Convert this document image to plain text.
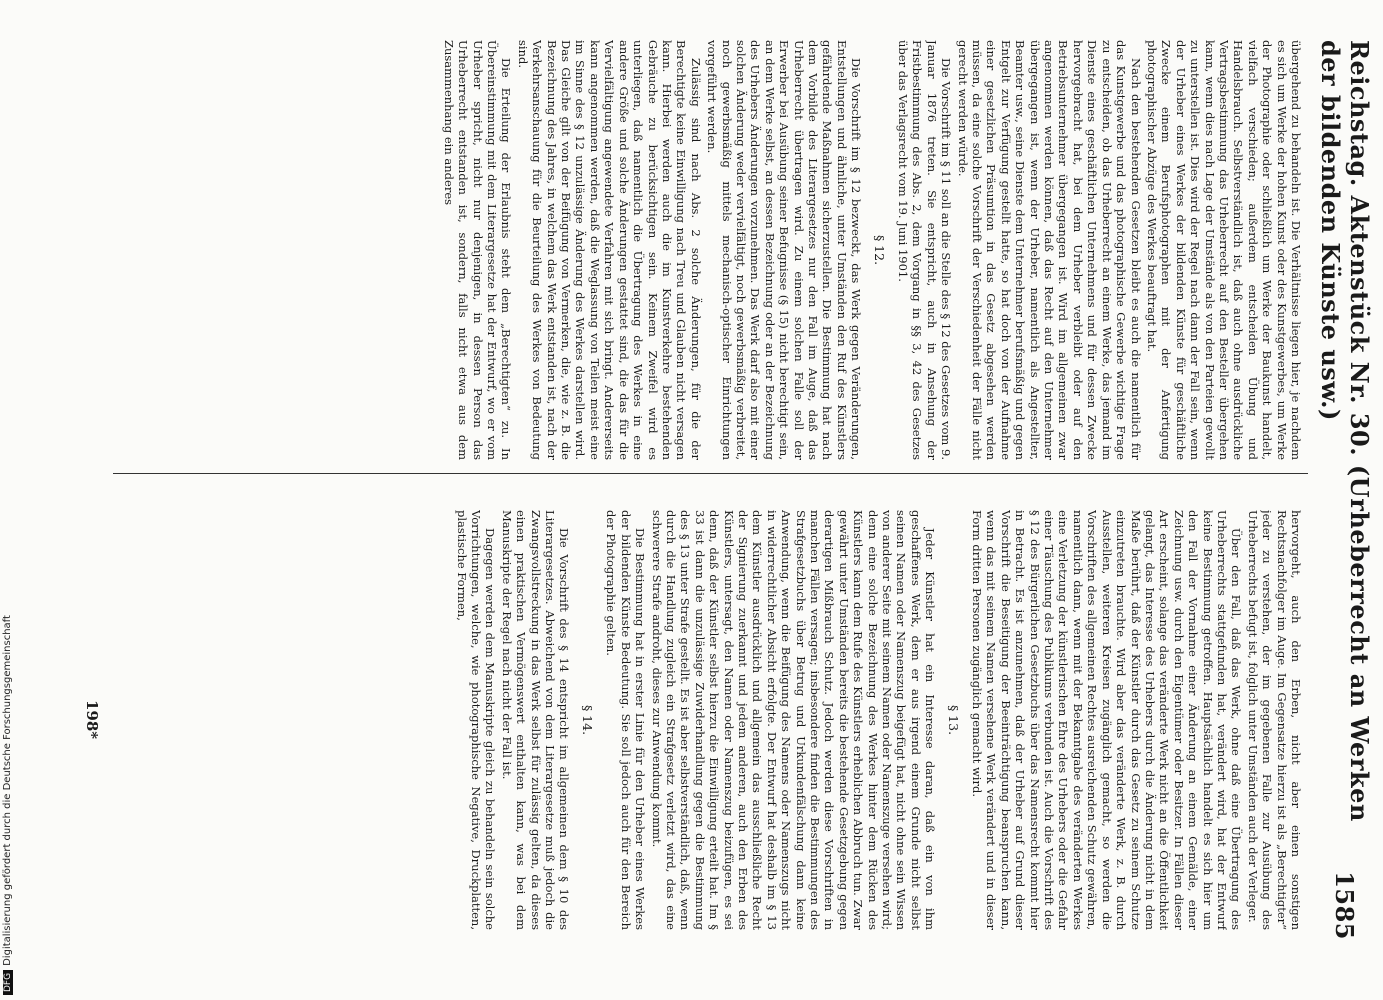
Reichstag. Aktenstück Nr. 30. (Urheberrecht an Werken der bildenden Künste usw.)
1585

übergehend zu behandeln ist. Die Verhältnisse liegen hier, je nachdem es sich um Werke der hohen Kunst oder des Kunstgewerbes, um Werke der Photographie oder schließlich um Werke der Baukunst handelt, vielfach verschieden; außerdem entscheiden Übung und Handelsbrauch. Selbstverständlich ist, daß auch ohne ausdrückliche Vertragsbestimmung das Urheberrecht auf den Besteller übergehen kann, wenn dies nach Lage der Umstände als von den Parteien gewollt zu unterstellen ist. Dies wird der Regel nach dann der Fall sein, wenn der Urheber eines Werkes der bildenden Künste für geschäftliche Zwecke einem Berufsphotographen mit der Anfertigung photographischer Abzüge des Werkes beauftragt hat.

Nach den bestehenden Gesetzen bleibt es auch die namentlich für das Kunstgewerbe und das photographische Gewerbe wichtige Frage zu entscheiden, ob das Urheberrecht an einem Werke, das jemand im Dienste eines geschäftlichen Unternehmens und für dessen Zwecke hervorgebracht hat, bei dem Urheber verbleibt oder auf den Betriebsunternehmer übergegangen ist. Wird im allgemeinen zwar angenommen werden können, daß das Recht auf den Unternehmer übergegangen ist, wenn der Urheber, namentlich als Angestellter, Beamter usw., seine Dienste dem Unternehmer berufsmäßig und gegen Entgelt zur Verfügung gestellt hatte, so hat doch von der Aufnahme einer gesetzlichen Präsumtion in das Gesetz abgesehen werden müssen, da eine solche Vorschrift der Verschiedenheit der Fälle nicht gerecht werden würde.

Die Vorschrift im § 11 soll an die Stelle des § 12 des Gesetzes vom 9. Januar 1876 treten. Sie entspricht, auch in Ansehung der Fristbestimmung des Abs. 2, dem Vorgang in §§ 3, 42 des Gesetzes über das Verlagsrecht vom 19. Juni 1901.

§ 12.

Die Vorschrift im § 12 bezweckt, das Werk gegen Veränderungen, Entstellungen und ähnliche, unter Umständen den Ruf des Künstlers gefährdende Maßnahmen sicherzustellen. Die Bestimmung hat nach dem Vorbilde des Literargesetzes nur den Fall im Auge, daß das Urheberrecht übertragen wird. Zu einem solchen Falle soll der Erwerber bei Ausübung seiner Befugnisse (§ 15) nicht berechtigt sein, an dem Werke selbst, an dessen Bezeichnung oder an der Bezeichnung des Urhebers Änderungen vorzunehmen. Das Werk darf also mit einer solchen Änderung weder vervielfältigt, noch gewerbsmäßig verbreitet, noch gewerbsmäßig mittels mechanisch-optischer Einrichtungen vorgeführt werden.

Zulässig sind nach Abs. 2 solche Änderungen, für die der Berechtigte keine Einwilligung nach Treu und Glauben nicht versagen kann. Hierbei werden auch die im Kunstverkehre bestehenden Gebräuche zu berücksichtigen sein. Keinem Zweifel wird es unterliegen, daß namentlich die Übertragung des Werkes in eine andere Größe und solche Änderungen gestattet sind, die das für die Vervielfältigung angewendete Verfahren mit sich bringt. Andererseits kann angenommen werden, daß die Weglassung von Teilen meist eine im Sinne des § 12 unzulässige Änderung des Werkes darstellen wird. Das Gleiche gilt von der Beifügung von Vermerken, die, wie z. B. die Bezeichnung des Jahres, in welchem das Werk entstanden ist, nach der Verkehrsanschauung für die Beurteilung des Werkes von Bedeutung sind.

Die Erteilung der Erlaubnis steht dem „Berechtigten“ zu. In Übereinstimmung mit dem Literargesetze hat der Entwurf, wo er vom Urheber spricht, nicht nur denjenigen, in dessen Person das Urheberrecht entstanden ist, sondern, falls nicht etwa aus dem Zusammenhang ein anderes

hervorgeht, auch den Erben, nicht aber einen sonstigen Rechtsnachfolger im Auge. Im Gegensatze hierzu ist als „Berechtigter“ jeder zu verstehen, der im gegebenen Falle zur Ausübung des Urheberrechts befugt ist, folglich unter Umständen auch der Verleger.

Über den Fall, daß das Werk, ohne daß eine Übertragung des Urheberrechts stattgefunden hat, verändert wird, hat der Entwurf keine Bestimmung getroffen. Hauptsächlich handelt es sich hier um den Fall der Vornahme einer Änderung an einem Gemälde, einer Zeichnung usw. durch den Eigentümer oder Besitzer. In Fällen dieser Art erscheint, solange das veränderte Werk nicht an die Öffentlichkeit gelangt, das Interesse des Urhebers durch die Änderung nicht in dem Maße berührt, daß der Künstler durch das Gesetz zu seinem Schutze einzutreten brauchte. Wird aber das veränderte Werk, z. B. durch Ausstellen, weiteren Kreisen zugänglich gemacht, so werden die Vorschriften des allgemeinen Rechtes ausreichenden Schutz gewähren, namentlich dann, wenn mit der Bekanntgabe des veränderten Werkes eine Verletzung der künstlerischen Ehre des Urhebers oder die Gefahr einer Täuschung des Publikums verbunden ist. Auch die Vorschrift des § 12 des Bürgerlichen Gesetzbuchs über das Namensrecht kommt hier in Betracht. Es ist anzunehmen, daß der Urheber auf Grund dieser Vorschrift die Beseitigung der Beeinträchtigung beanspruchen kann, wenn das mit seinem Namen versehene Werk verändert und in dieser Form dritten Personen zugänglich gemacht wird.

§ 13.

Jeder Künstler hat ein Interesse daran, daß ein von ihm geschaffenes Werk, dem er aus irgend einem Grunde nicht selbst seinen Namen oder Namenszug beigefügt hat, nicht ohne sein Wissen von anderer Seite mit seinem Namen oder Namenszuge versehen wird; denn eine solche Bezeichnung des Werkes hinter dem Rücken des Künstlers kann dem Rufe des Künstlers erheblichen Abbruch tun. Zwar gewährt unter Umständen bereits die bestehende Gesetzgebung gegen derartigen Mißbrauch Schutz. Jedoch werden diese Vorschriften in manchen Fällen versagen; insbesondere finden die Bestimmungen des Strafgesetzbuchs über Betrug und Urkundenfälschung dann keine Anwendung, wenn die Beifügung des Namens oder Namenszugs nicht in widerrechtlicher Absicht erfolgte. Der Entwurf hat deshalb im § 13 dem Künstler ausdrücklich und allgemein das ausschließliche Recht der Signierung zuerkannt und jedem anderen, auch den Erben des Künstlers, untersagt, den Namen oder Namenszug beizufügen, es sei denn, daß der Künstler selbst hierzu die Einwilligung erteilt hat. Im § 33 ist dann die unzulässige Zuwiderhandlung gegen die Bestimmung des § 13 unter Strafe gestellt. Es ist aber selbstverständlich, daß, wenn durch die Handlung zugleich ein Strafgesetz verletzt wird, das eine schwerere Strafe androht, dieses zur Anwendung kommt.

Die Bestimmung hat in erster Linie für den Urheber eines Werkes der bildenden Künste Bedeutung. Sie soll jedoch auch für den Bereich der Photographie gelten.

§ 14.

Die Vorschrift des § 14 entspricht im allgemeinen dem § 10 des Literargesetzes. Abweichend von dem Literargesetze muß jedoch die Zwangsvollstreckung in das Werk selbst für zulässig gelten, da dieses einen praktischen Vermögenswert enthalten kann, was bei dem Manuskripte der Regel nach nicht der Fall ist.

Dagegen werden dem Manuskripte gleich zu behandeln sein solche Vorrichtungen, welche, wie photographische Negative, Druckplatten, plastische Formen,

198*
DFGDigitalisierung gefördert durch die Deutsche Forschungsgemeinschaft
